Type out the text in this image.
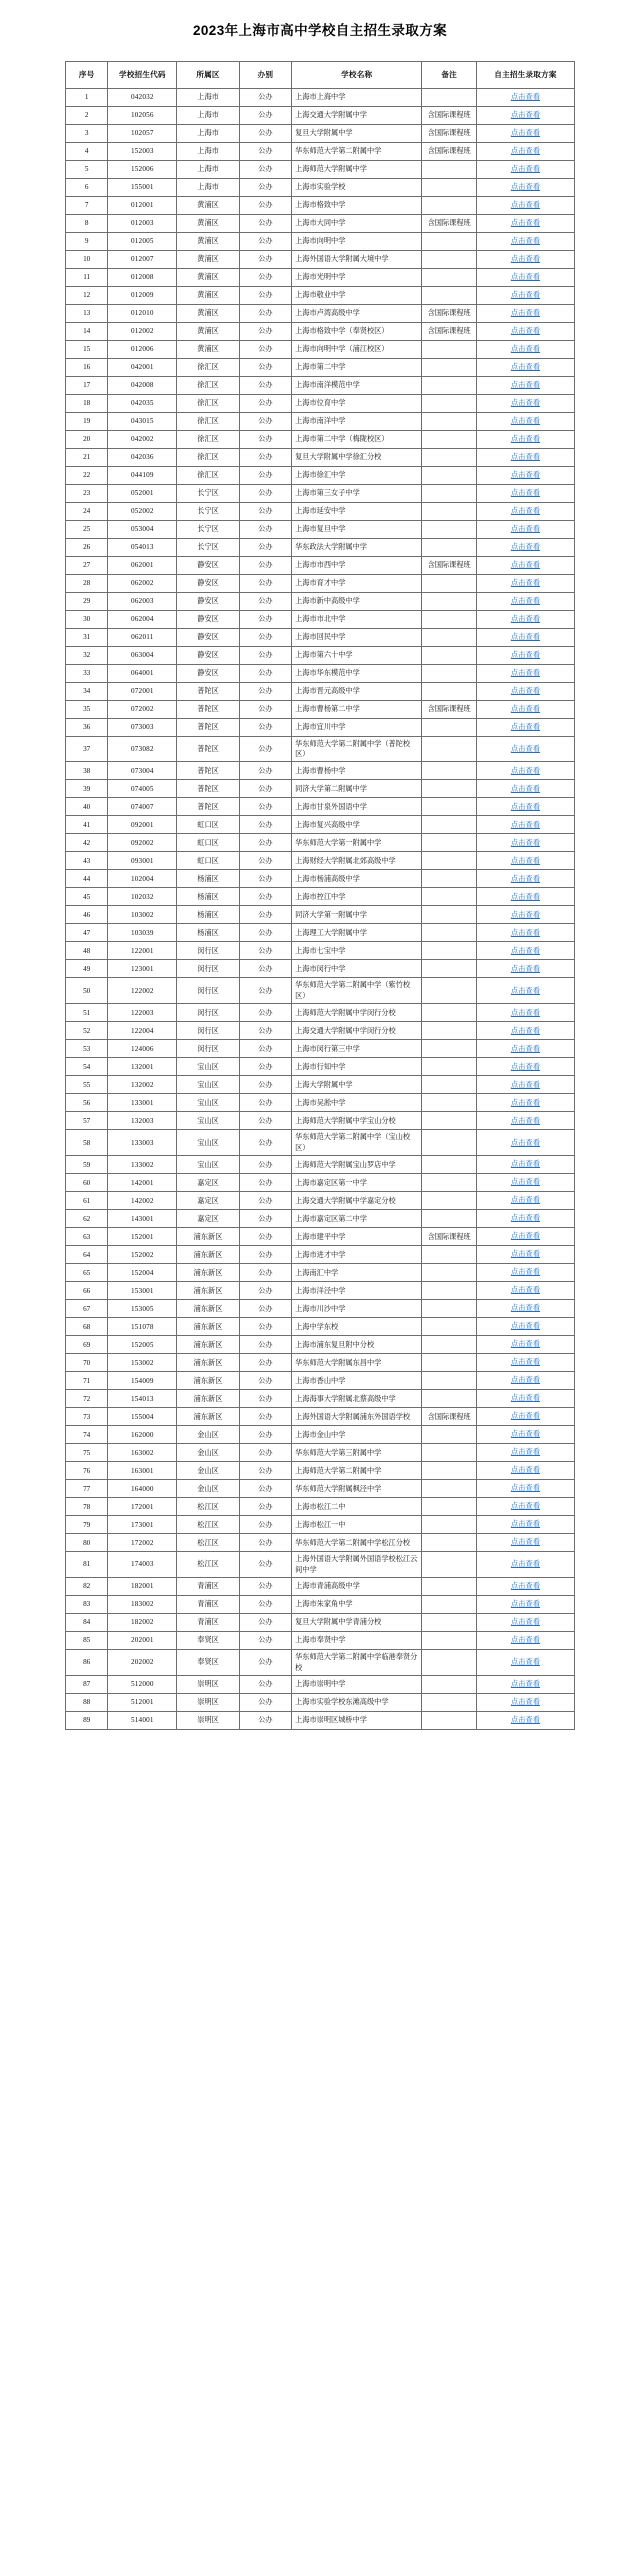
2023年上海市高中学校自主招生录取方案
序号	学校招生代码	所属区	办别	学校名称	备注	自主招生录取方案
1	042032	上海市	公办	上海市上海中学		点击查看
2	102056	上海市	公办	上海交通大学附属中学	含国际课程班	点击查看
3	102057	上海市	公办	复旦大学附属中学	含国际课程班	点击查看
4	152003	上海市	公办	华东师范大学第二附属中学	含国际课程班	点击查看
5	152006	上海市	公办	上海师范大学附属中学		点击查看
6	155001	上海市	公办	上海市实验学校		点击查看
7	012001	黄浦区	公办	上海市格致中学		点击查看
8	012003	黄浦区	公办	上海市大同中学	含国际课程班	点击查看
9	012005	黄浦区	公办	上海市向明中学		点击查看
10	012007	黄浦区	公办	上海外国语大学附属大境中学		点击查看
11	012008	黄浦区	公办	上海市光明中学		点击查看
12	012009	黄浦区	公办	上海市敬业中学		点击查看
13	012010	黄浦区	公办	上海市卢湾高级中学	含国际课程班	点击查看
14	012002	黄浦区	公办	上海市格致中学（奉贤校区）	含国际课程班	点击查看
15	012006	黄浦区	公办	上海市向明中学（浦江校区）		点击查看
16	042001	徐汇区	公办	上海市第二中学		点击查看
17	042008	徐汇区	公办	上海市南洋模范中学		点击查看
18	042035	徐汇区	公办	上海市位育中学		点击查看
19	043015	徐汇区	公办	上海市南洋中学		点击查看
20	042002	徐汇区	公办	上海市第二中学（梅陇校区）		点击查看
21	042036	徐汇区	公办	复旦大学附属中学徐汇分校		点击查看
22	044109	徐汇区	公办	上海市徐汇中学		点击查看
23	052001	长宁区	公办	上海市第三女子中学		点击查看
24	052002	长宁区	公办	上海市延安中学		点击查看
25	053004	长宁区	公办	上海市复旦中学		点击查看
26	054013	长宁区	公办	华东政法大学附属中学		点击查看
27	062001	静安区	公办	上海市市西中学	含国际课程班	点击查看
28	062002	静安区	公办	上海市育才中学		点击查看
29	062003	静安区	公办	上海市新中高级中学		点击查看
30	062004	静安区	公办	上海市市北中学		点击查看
31	062011	静安区	公办	上海市回民中学		点击查看
32	063004	静安区	公办	上海市第六十中学		点击查看
33	064001	静安区	公办	上海市华东模范中学		点击查看
34	072001	普陀区	公办	上海市晋元高级中学		点击查看
35	072002	普陀区	公办	上海市曹杨第二中学	含国际课程班	点击查看
36	073003	普陀区	公办	上海市宜川中学		点击查看
37	073082	普陀区	公办	华东师范大学第二附属中学（普陀校区）		点击查看
38	073004	普陀区	公办	上海市曹杨中学		点击查看
39	074005	普陀区	公办	同济大学第二附属中学		点击查看
40	074007	普陀区	公办	上海市甘泉外国语中学		点击查看
41	092001	虹口区	公办	上海市复兴高级中学		点击查看
42	092002	虹口区	公办	华东师范大学第一附属中学		点击查看
43	093001	虹口区	公办	上海财经大学附属北郊高级中学		点击查看
44	102004	杨浦区	公办	上海市杨浦高级中学		点击查看
45	102032	杨浦区	公办	上海市控江中学		点击查看
46	103002	杨浦区	公办	同济大学第一附属中学		点击查看
47	103039	杨浦区	公办	上海理工大学附属中学		点击查看
48	122001	闵行区	公办	上海市七宝中学		点击查看
49	123001	闵行区	公办	上海市闵行中学		点击查看
50	122002	闵行区	公办	华东师范大学第二附属中学（紫竹校区）		点击查看
51	122003	闵行区	公办	上海师范大学附属中学闵行分校		点击查看
52	122004	闵行区	公办	上海交通大学附属中学闵行分校		点击查看
53	124006	闵行区	公办	上海市闵行第三中学		点击查看
54	132001	宝山区	公办	上海市行知中学		点击查看
55	132002	宝山区	公办	上海大学附属中学		点击查看
56	133001	宝山区	公办	上海市吴淞中学		点击查看
57	132003	宝山区	公办	上海师范大学附属中学宝山分校		点击查看
58	133003	宝山区	公办	华东师范大学第二附属中学（宝山校区）		点击查看
59	133002	宝山区	公办	上海师范大学附属宝山罗店中学		点击查看
60	142001	嘉定区	公办	上海市嘉定区第一中学		点击查看
61	142002	嘉定区	公办	上海交通大学附属中学嘉定分校		点击查看
62	143001	嘉定区	公办	上海市嘉定区第二中学		点击查看
63	152001	浦东新区	公办	上海市建平中学	含国际课程班	点击查看
64	152002	浦东新区	公办	上海市进才中学		点击查看
65	152004	浦东新区	公办	上海南汇中学		点击查看
66	153001	浦东新区	公办	上海市洋泾中学		点击查看
67	153005	浦东新区	公办	上海市川沙中学		点击查看
68	151078	浦东新区	公办	上海中学东校		点击查看
69	152005	浦东新区	公办	上海市浦东复旦附中分校		点击查看
70	153002	浦东新区	公办	华东师范大学附属东昌中学		点击查看
71	154009	浦东新区	公办	上海市香山中学		点击查看
72	154013	浦东新区	公办	上海海事大学附属北蔡高级中学		点击查看
73	155004	浦东新区	公办	上海外国语大学附属浦东外国语学校	含国际课程班	点击查看
74	162000	金山区	公办	上海市金山中学		点击查看
75	163002	金山区	公办	华东师范大学第三附属中学		点击查看
76	163001	金山区	公办	上海师范大学第二附属中学		点击查看
77	164000	金山区	公办	华东师范大学附属枫泾中学		点击查看
78	172001	松江区	公办	上海市松江二中		点击查看
79	173001	松江区	公办	上海市松江一中		点击查看
80	172002	松江区	公办	华东师范大学第二附属中学松江分校		点击查看
81	174003	松江区	公办	上海外国语大学附属外国语学校松江云间中学		点击查看
82	182001	青浦区	公办	上海市青浦高级中学		点击查看
83	183002	青浦区	公办	上海市朱家角中学		点击查看
84	182002	青浦区	公办	复旦大学附属中学青浦分校		点击查看
85	202001	奉贤区	公办	上海市奉贤中学		点击查看
86	202002	奉贤区	公办	华东师范大学第二附属中学临港奉贤分校		点击查看
87	512000	崇明区	公办	上海市崇明中学		点击查看
88	512001	崇明区	公办	上海市实验学校东滩高级中学		点击查看
89	514001	崇明区	公办	上海市崇明区城桥中学		点击查看
